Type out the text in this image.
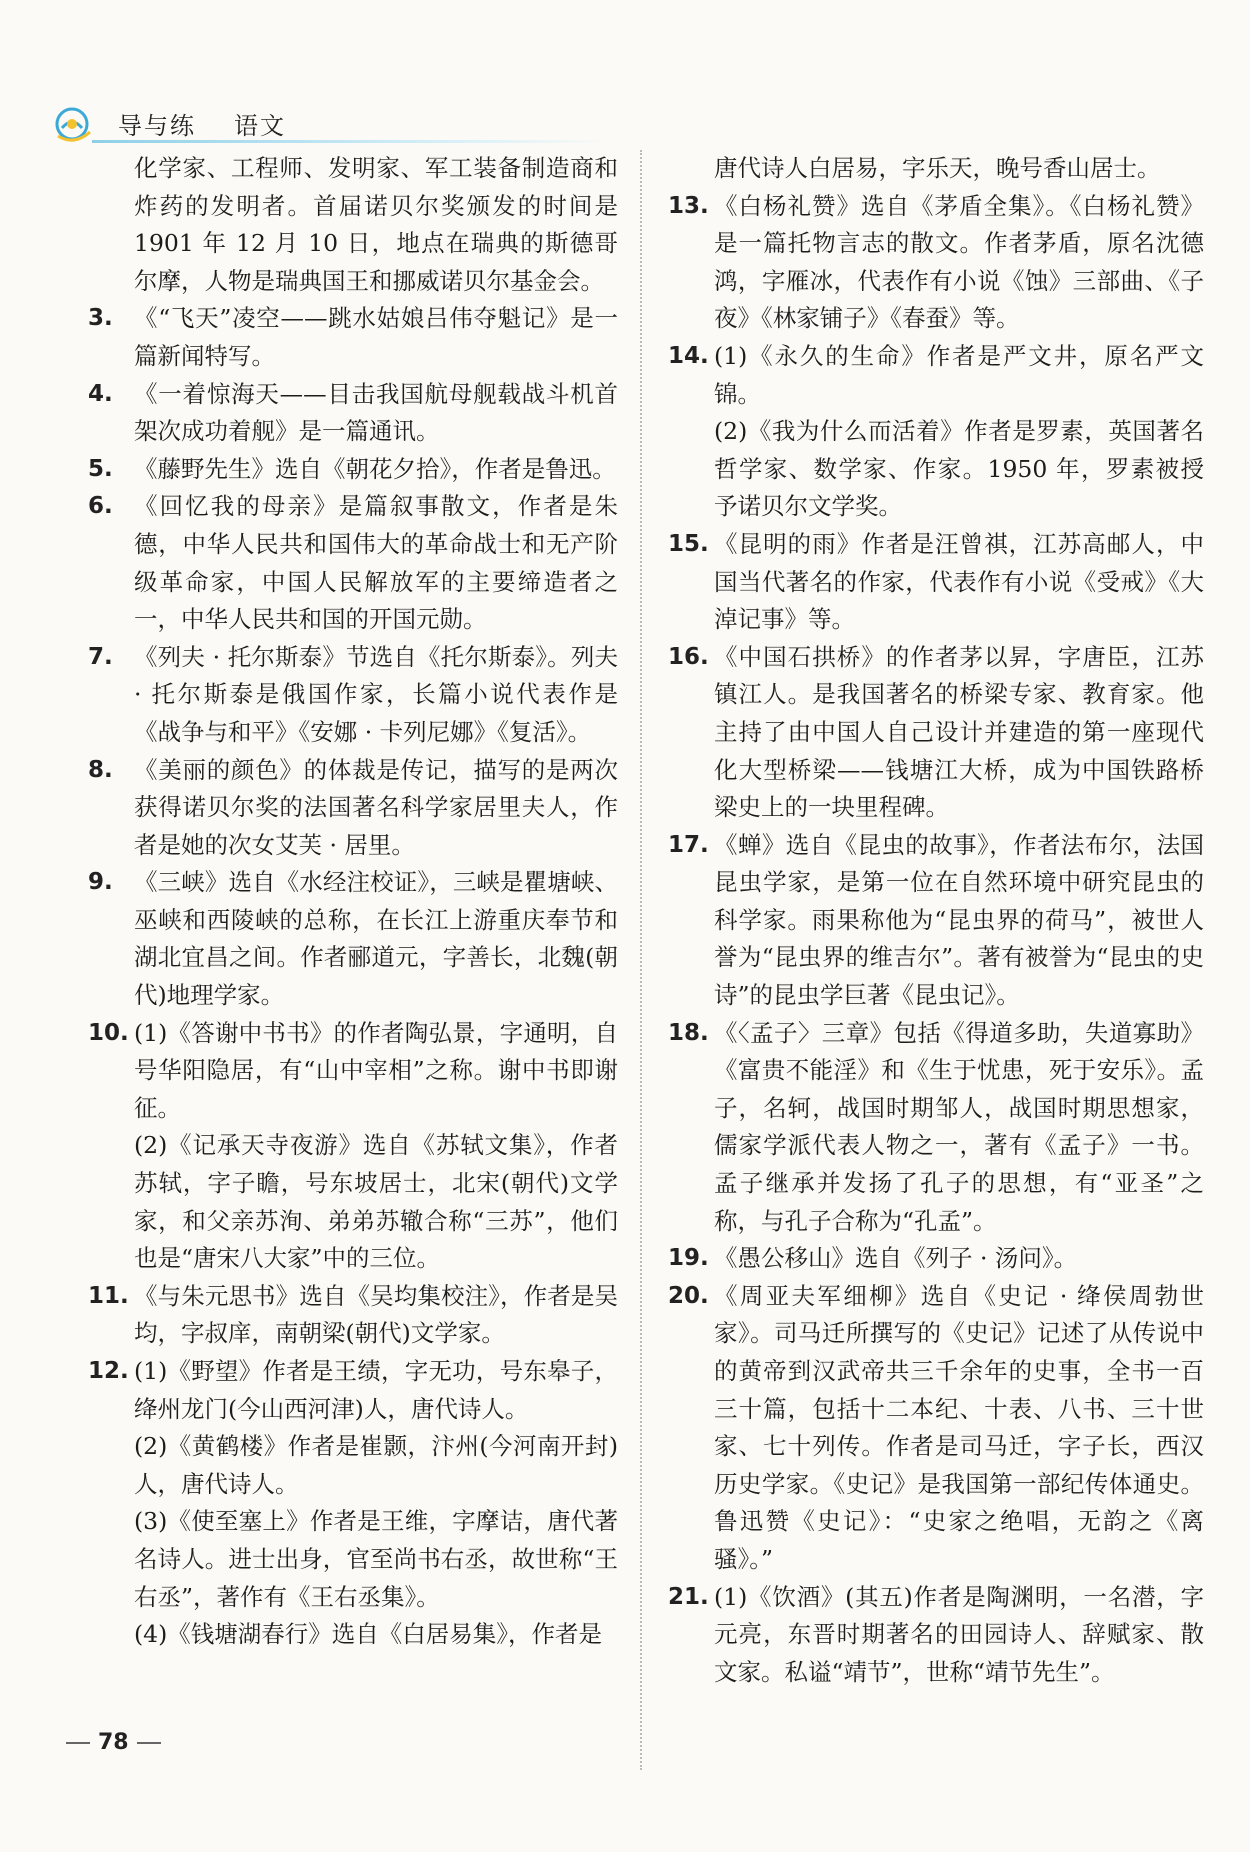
导与练 语文
化学家、工程师、发明家、军工装备制造商和炸药的发明者。首届诺贝尔奖颁发的时间是 1901 年 12 月 10 日，地点在瑞典的斯德哥尔摩，人物是瑞典国王和挪威诺贝尔基金会。
3. 《“飞天”凌空——跳水姑娘吕伟夺魁记》是一篇新闻特写。
4. 《一着惊海天——目击我国航母舰载战斗机首架次成功着舰》是一篇通讯。
5. 《藤野先生》选自《朝花夕拾》，作者是鲁迅。
6. 《回忆我的母亲》是篇叙事散文，作者是朱德，中华人民共和国伟大的革命战士和无产阶级革命家，中国人民解放军的主要缔造者之一，中华人民共和国的开国元勋。
7. 《列夫 · 托尔斯泰》节选自《托尔斯泰》。列夫 · 托尔斯泰是俄国作家，长篇小说代表作是《战争与和平》《安娜 · 卡列尼娜》《复活》。
8. 《美丽的颜色》的体裁是传记，描写的是两次获得诺贝尔奖的法国著名科学家居里夫人，作者是她的次女艾芙 · 居里。
9. 《三峡》选自《水经注校证》，三峡是瞿塘峡、巫峡和西陵峡的总称，在长江上游重庆奉节和湖北宜昌之间。作者郦道元，字善长，北魏(朝代)地理学家。
10. (1)《答谢中书书》的作者陶弘景，字通明，自号华阳隐居，有“山中宰相”之称。谢中书即谢征。
(2)《记承天寺夜游》选自《苏轼文集》，作者苏轼，字子瞻，号东坡居士，北宋(朝代)文学家，和父亲苏洵、弟弟苏辙合称“三苏”，他们也是“唐宋八大家”中的三位。
11. 《与朱元思书》选自《吴均集校注》，作者是吴均，字叔庠，南朝梁(朝代)文学家。
12. (1)《野望》作者是王绩，字无功，号东皋子，绛州龙门(今山西河津)人，唐代诗人。
(2)《黄鹤楼》作者是崔颢，汴州(今河南开封)人，唐代诗人。
(3)《使至塞上》作者是王维，字摩诘，唐代著名诗人。进士出身，官至尚书右丞，故世称“王右丞”，著作有《王右丞集》。
(4)《钱塘湖春行》选自《白居易集》，作者是
唐代诗人白居易，字乐天，晚号香山居士。
13. 《白杨礼赞》选自《茅盾全集》。《白杨礼赞》是一篇托物言志的散文。作者茅盾，原名沈德鸿，字雁冰，代表作有小说《蚀》三部曲、《子夜》《林家铺子》《春蚕》等。
14. (1)《永久的生命》作者是严文井，原名严文锦。
(2)《我为什么而活着》作者是罗素，英国著名哲学家、数学家、作家。1950 年，罗素被授予诺贝尔文学奖。
15. 《昆明的雨》作者是汪曾祺，江苏高邮人，中国当代著名的作家，代表作有小说《受戒》《大淖记事》等。
16. 《中国石拱桥》的作者茅以昇，字唐臣，江苏镇江人。是我国著名的桥梁专家、教育家。他主持了由中国人自己设计并建造的第一座现代化大型桥梁——钱塘江大桥，成为中国铁路桥梁史上的一块里程碑。
17. 《蝉》选自《昆虫的故事》，作者法布尔，法国昆虫学家，是第一位在自然环境中研究昆虫的科学家。雨果称他为“昆虫界的荷马”，被世人誉为“昆虫界的维吉尔”。著有被誉为“昆虫的史诗”的昆虫学巨著《昆虫记》。
18. 《〈孟子〉三章》包括《得道多助，失道寡助》《富贵不能淫》和《生于忧患，死于安乐》。孟子，名轲，战国时期邹人，战国时期思想家，儒家学派代表人物之一，著有《孟子》一书。孟子继承并发扬了孔子的思想，有“亚圣”之称，与孔子合称为“孔孟”。
19. 《愚公移山》选自《列子 · 汤问》。
20. 《周亚夫军细柳》选自《史记 · 绛侯周勃世家》。司马迁所撰写的《史记》记述了从传说中的黄帝到汉武帝共三千余年的史事，全书一百三十篇，包括十二本纪、十表、八书、三十世家、七十列传。作者是司马迁，字子长，西汉历史学家。《史记》是我国第一部纪传体通史。鲁迅赞《史记》：“史家之绝唱，无韵之《离骚》。”
21. (1)《饮酒》(其五)作者是陶渊明，一名潜，字元亮，东晋时期著名的田园诗人、辞赋家、散文家。私谥“靖节”，世称“靖节先生”。
78
